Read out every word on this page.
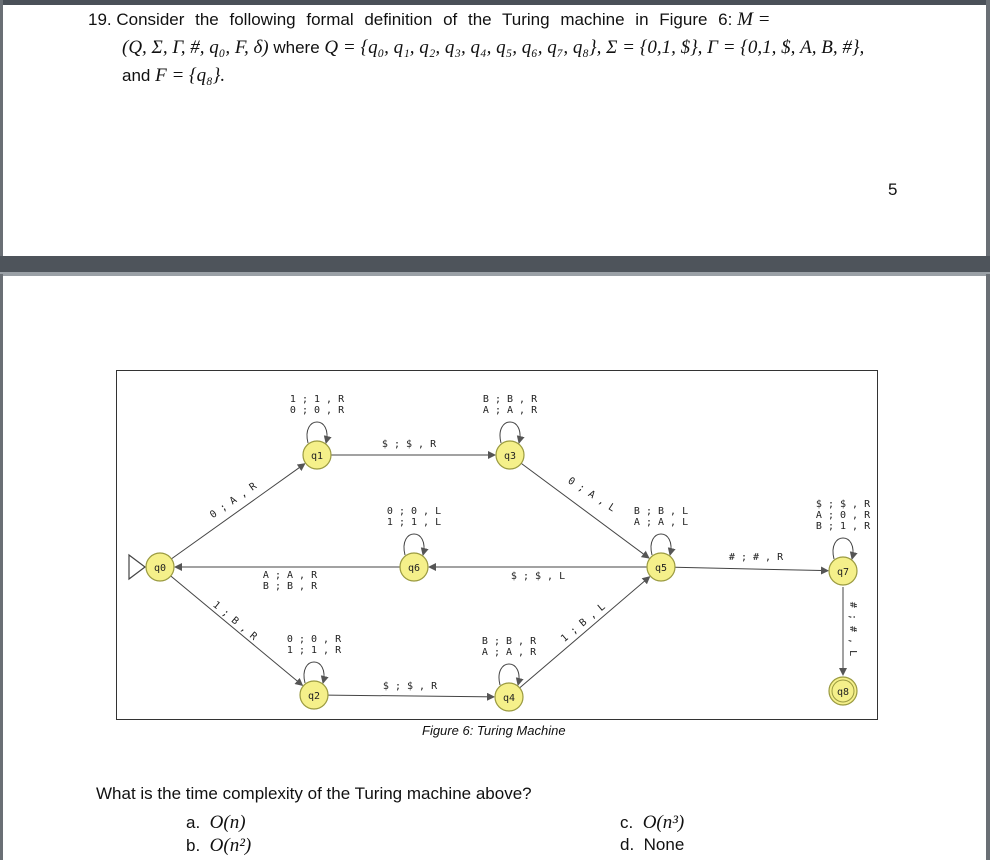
19. Consider the following formal definition of the Turing machine in Figure 6: M =
(Q, Σ, Γ, #, q₀, F, δ) where Q = {q₀, q₁, q₂, q₃, q₄, q₅, q₆, q₇, q₈}, Σ = {0,1, $}, Γ = {0,1, $, A, B, #},
and F = {q₈}.
5
1 ; 1 , R
0 ; 0 , R
B ; B , R
A ; A , R
0 ; 0 , L
1 ; 1 , L
0 ; 0 , R
1 ; 1 , R
B ; B , R
A ; A , R
B ; B , L
A ; A , L
$ ; $ , R
A ; 0 , R
B ; 1 , R
0 ; A , R
1 ; B , R
$ ; $ , R
$ ; $ , R
0 ; A , L
1 ; B , L
$ ; $ , L
A ; A , R
B ; B , R
# ; # , R
# ; # , L
q0
q1
q2
q3
q4
q5
q6	q7
q8
Figure 6: Turing Machine
What is the time complexity of the Turing machine above?
a. O(n)
b. O(n²)
c. O(n³)
d. None
